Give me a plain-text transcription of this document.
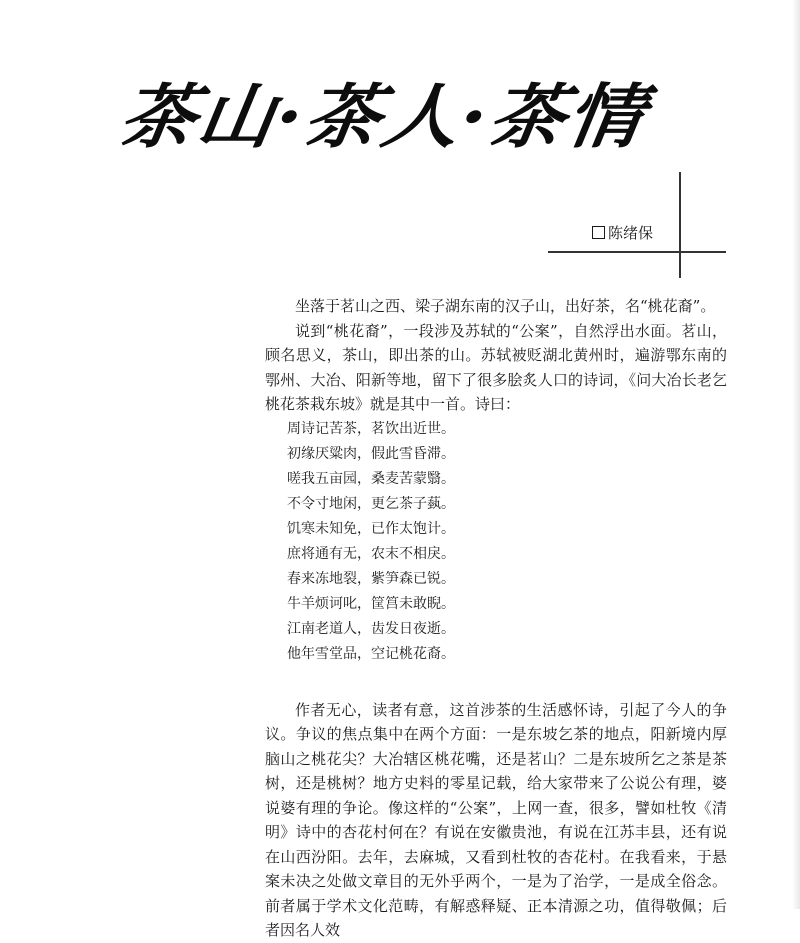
茶山·茶人·茶情
陈绪保

坐落于茗山之西、梁子湖东南的汉子山，出好茶，名“桃花裔”。

说到“桃花裔”，一段涉及苏轼的“公案”，自然浮出水面。茗山，顾名思义，茶山，即出茶的山。苏轼被贬湖北黄州时，遍游鄂东南的鄂州、大冶、阳新等地，留下了很多脍炙人口的诗词，《问大冶长老乞桃花茶栽东坡》就是其中一首。诗曰：

周诗记苦茶，茗饮出近世。
初缘厌粱肉，假此雪昏滞。
嗟我五亩园，桑麦苦蒙翳。
不令寸地闲，更乞茶子蓺。
饥寒未知免，已作太饱计。
庶将通有无，农末不相戾。
春来冻地裂，紫笋森已锐。
牛羊烦诃叱，筐筥未敢睨。
江南老道人，齿发日夜逝。
他年雪堂品，空记桃花裔。

作者无心，读者有意，这首涉茶的生活感怀诗，引起了今人的争议。争议的焦点集中在两个方面：一是东坡乞茶的地点，阳新境内厚脑山之桃花尖？大冶辖区桃花嘴，还是茗山？二是东坡所乞之茶是茶树，还是桃树？地方史料的零星记载，给大家带来了公说公有理，婆说婆有理的争论。像这样的“公案”，上网一查，很多，譬如杜牧《清明》诗中的杏花村何在？有说在安徽贵池，有说在江苏丰县，还有说在山西汾阳。去年，去麻城，又看到杜牧的杏花村。在我看来，于悬案未决之处做文章目的无外乎两个，一是为了治学，一是成全俗念。前者属于学术文化范畴，有解惑释疑、正本清源之功，值得敬佩；后者因名人效
